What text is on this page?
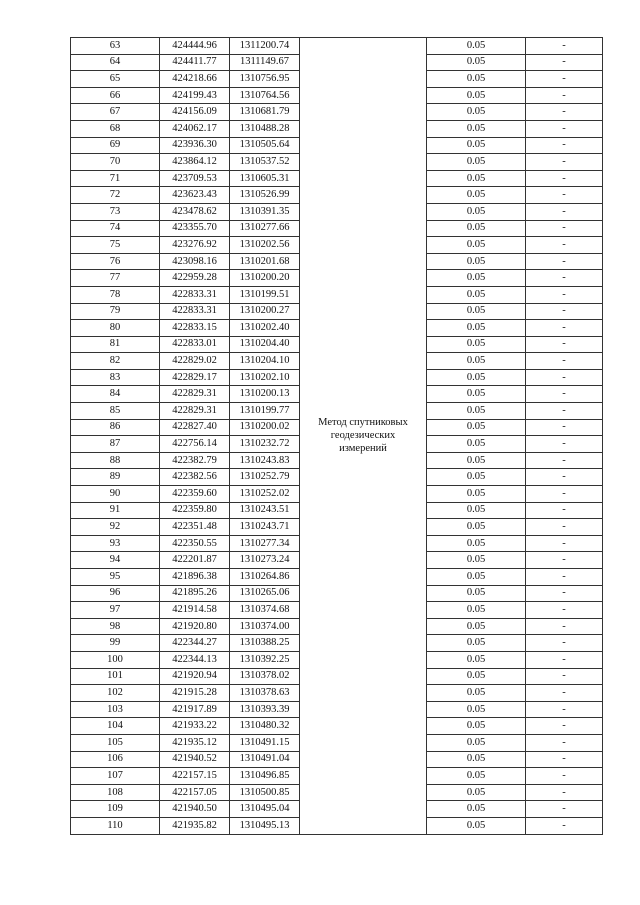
63	424444.96	1311200.74	Метод спутниковых геодезических измерений	0.05	-
64	424411.77	1311149.67		0.05	-
65	424218.66	1310756.95		0.05	-
66	424199.43	1310764.56		0.05	-
67	424156.09	1310681.79		0.05	-
68	424062.17	1310488.28		0.05	-
69	423936.30	1310505.64		0.05	-
70	423864.12	1310537.52		0.05	-
71	423709.53	1310605.31		0.05	-
72	423623.43	1310526.99		0.05	-
73	423478.62	1310391.35		0.05	-
74	423355.70	1310277.66		0.05	-
75	423276.92	1310202.56		0.05	-
76	423098.16	1310201.68		0.05	-
77	422959.28	1310200.20		0.05	-
78	422833.31	1310199.51		0.05	-
79	422833.31	1310200.27		0.05	-
80	422833.15	1310202.40		0.05	-
81	422833.01	1310204.40		0.05	-
82	422829.02	1310204.10		0.05	-
83	422829.17	1310202.10		0.05	-
84	422829.31	1310200.13		0.05	-
85	422829.31	1310199.77		0.05	-
86	422827.40	1310200.02		0.05	-
87	422756.14	1310232.72		0.05	-
88	422382.79	1310243.83		0.05	-
89	422382.56	1310252.79		0.05	-
90	422359.60	1310252.02		0.05	-
91	422359.80	1310243.51		0.05	-
92	422351.48	1310243.71		0.05	-
93	422350.55	1310277.34		0.05	-
94	422201.87	1310273.24		0.05	-
95	421896.38	1310264.86		0.05	-
96	421895.26	1310265.06		0.05	-
97	421914.58	1310374.68		0.05	-
98	421920.80	1310374.00		0.05	-
99	422344.27	1310388.25		0.05	-
100	422344.13	1310392.25		0.05	-
101	421920.94	1310378.02		0.05	-
102	421915.28	1310378.63		0.05	-
103	421917.89	1310393.39		0.05	-
104	421933.22	1310480.32		0.05	-
105	421935.12	1310491.15		0.05	-
106	421940.52	1310491.04		0.05	-
107	422157.15	1310496.85		0.05	-
108	422157.05	1310500.85		0.05	-
109	421940.50	1310495.04		0.05	-
110	421935.82	1310495.13		0.05	-
